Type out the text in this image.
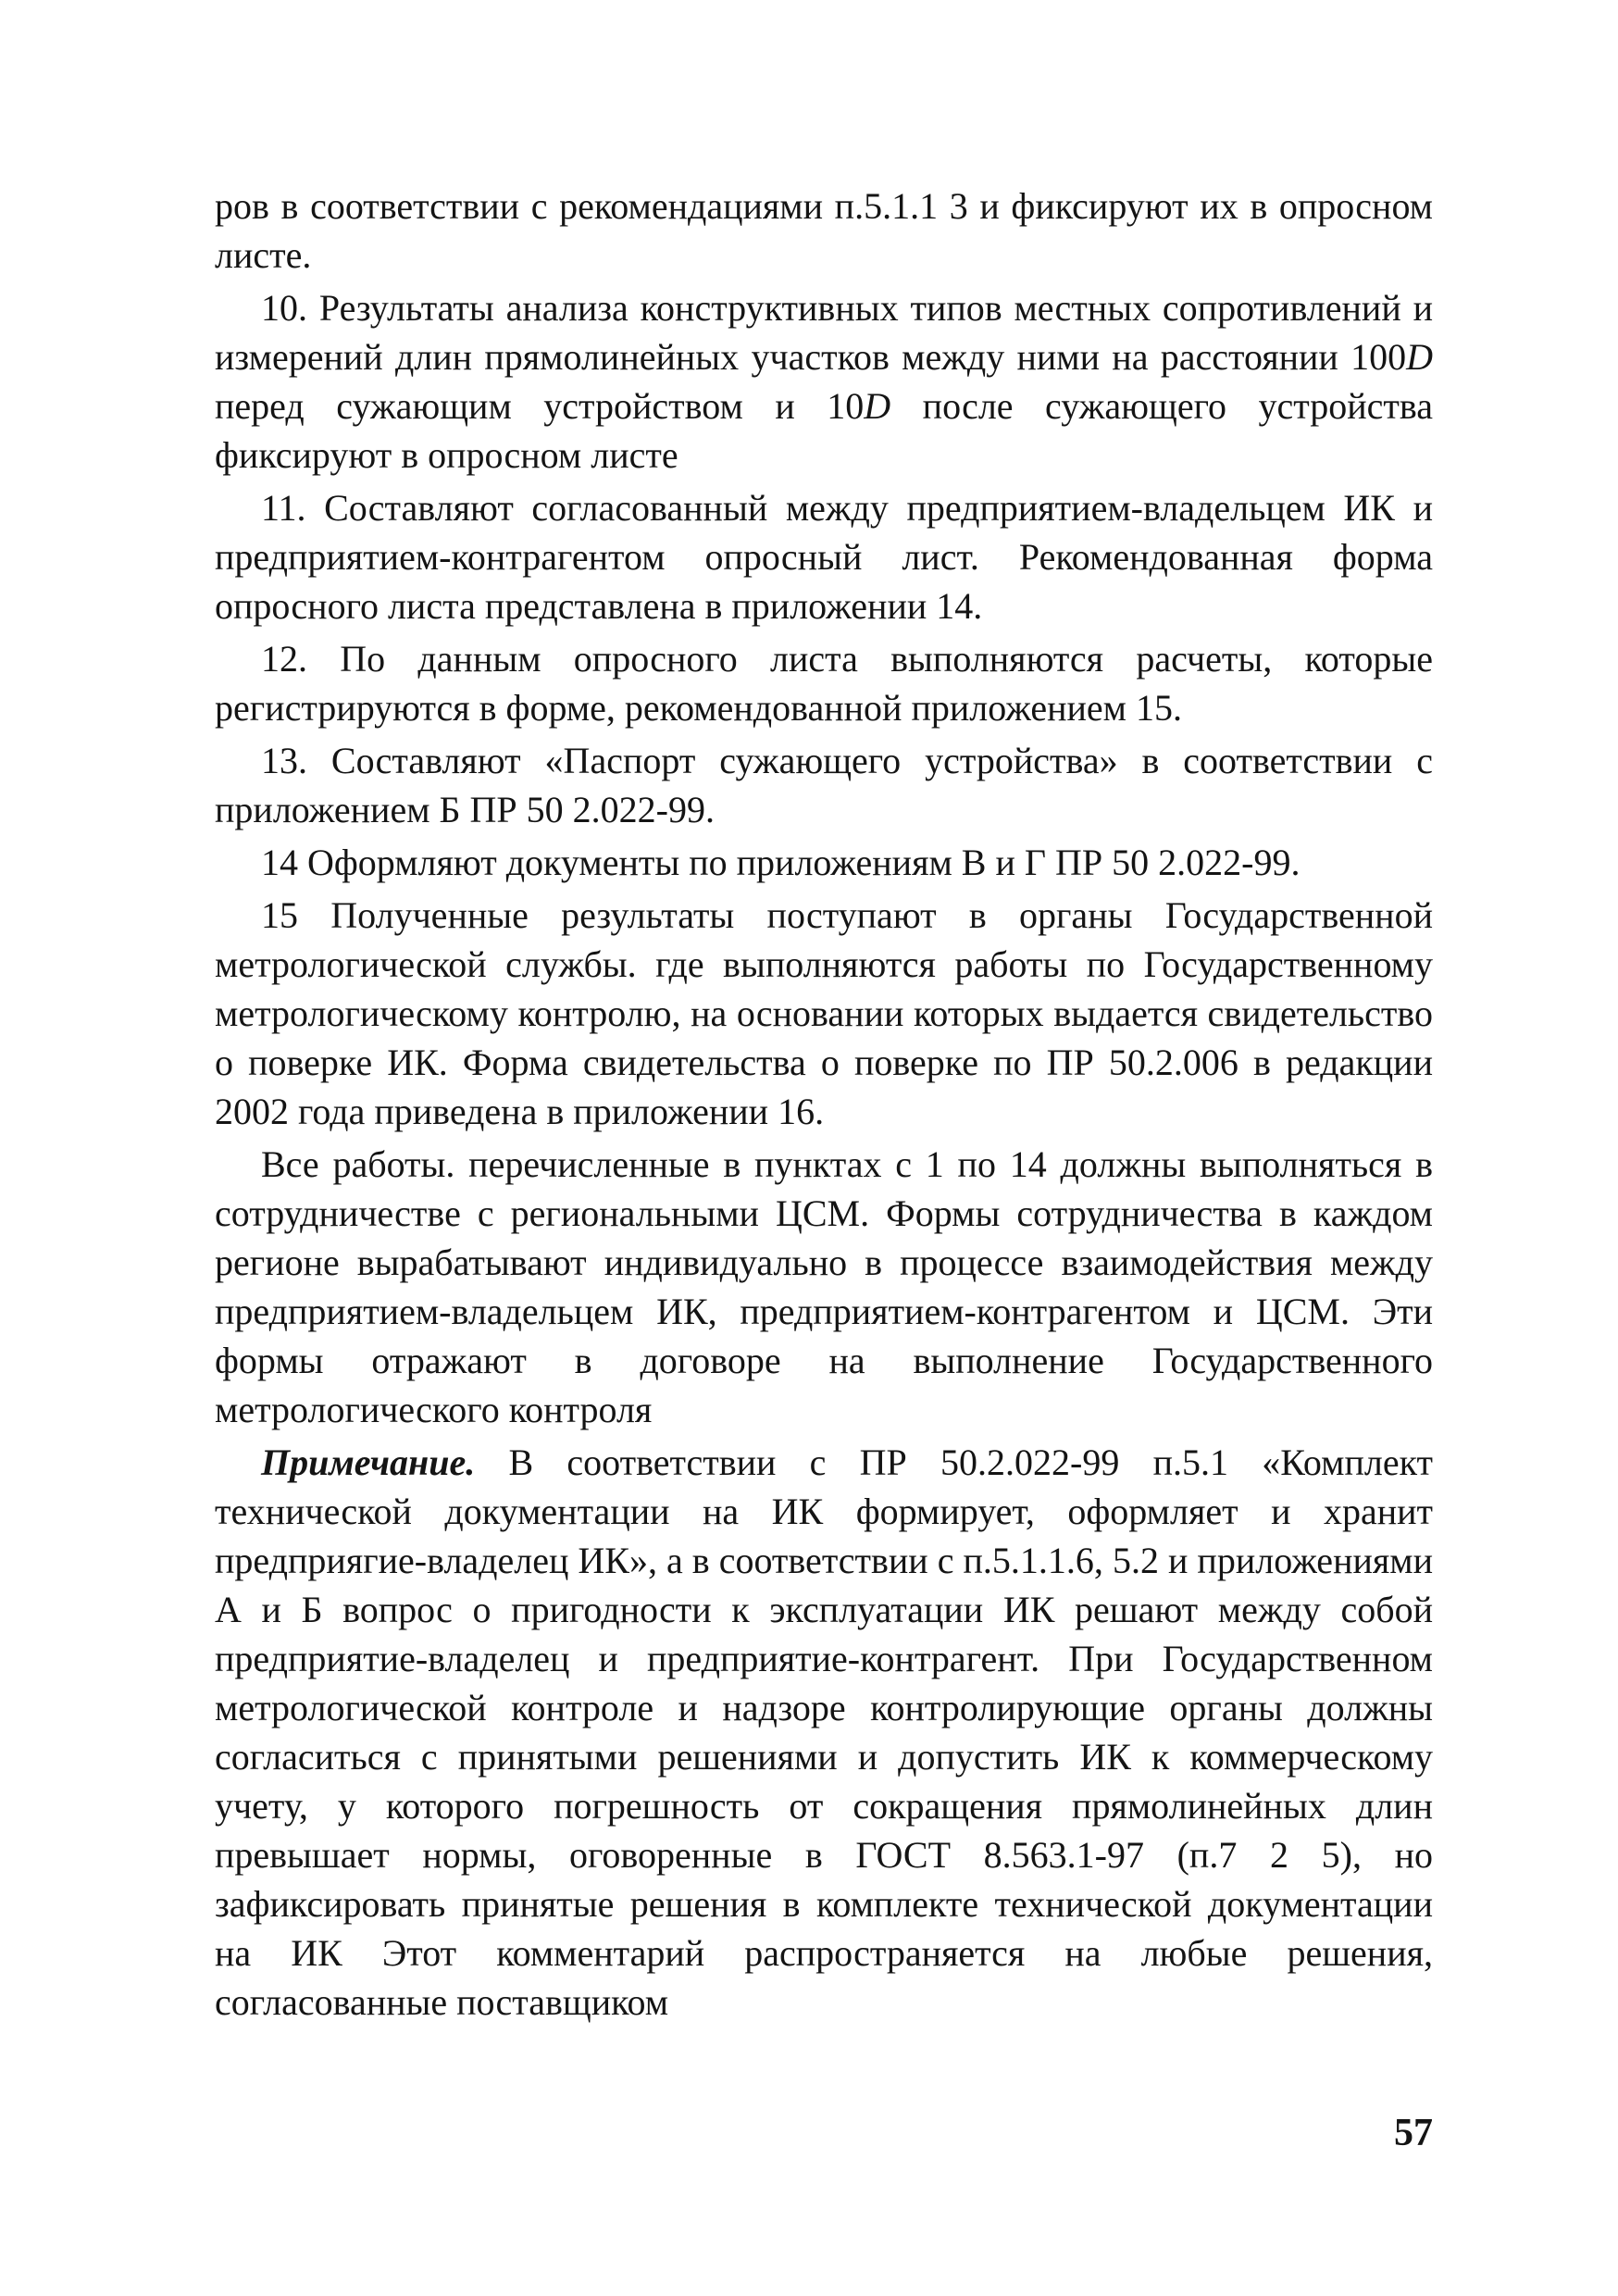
ров в соответствии с рекомендациями п.5.1.1 3 и фиксируют их в опросном листе.

10. Результаты анализа конструктивных типов местных сопротивлений и измерений длин прямолинейных участков между ними на расстоянии 100D перед сужающим устройством и 10D после сужающего устройства фиксируют в опросном листе

11. Составляют согласованный между предприятием-владельцем ИК и предприятием-контрагентом опросный лист. Рекомендованная форма опросного листа представлена в приложении 14.

12. По данным опросного листа выполняются расчеты, которые регистрируются в форме, рекомендованной приложением 15.

13. Составляют «Паспорт сужающего устройства» в соответствии с приложением Б ПР 50 2.022-99.

14 Оформляют документы по приложениям В и Г ПР 50 2.022-99.

15 Полученные результаты поступают в органы Государственной метрологической службы. где выполняются работы по Государственному метрологическому контролю, на основании которых выдается свидетельство о поверке ИК. Форма свидетельства о поверке по ПР 50.2.006 в редакции 2002 года приведена в приложении 16.

Все работы. перечисленные в пунктах с 1 по 14 должны выполняться в сотрудничестве с региональными ЦСМ. Формы сотрудничества в каждом регионе вырабатывают индивидуально в процессе взаимодействия между предприятием-владельцем ИК, предприятием-контрагентом и ЦСМ. Эти формы отражают в договоре на выполнение Государственного метрологического контроля

Примечание. В соответствии с ПР 50.2.022-99 п.5.1 «Комплект технической документации на ИК формирует, оформляет и хранит предприягие-владелец ИК», а в соответствии с п.5.1.1.6, 5.2 и приложениями А и Б вопрос о пригодности к эксплуатации ИК решают между собой предприятие-владелец и предприятие-контрагент. При Государственном метрологической контроле и надзоре контролирующие органы должны согласиться с принятыми решениями и допустить ИК к коммерческому учету, у которого погрешность от сокращения прямолинейных длин превышает нормы, оговоренные в ГОСТ 8.563.1-97 (п.7 2 5), но зафиксировать принятые решения в комплекте технической документации на ИК Этот комментарий распространяется на любые решения, согласованные поставщиком

57
